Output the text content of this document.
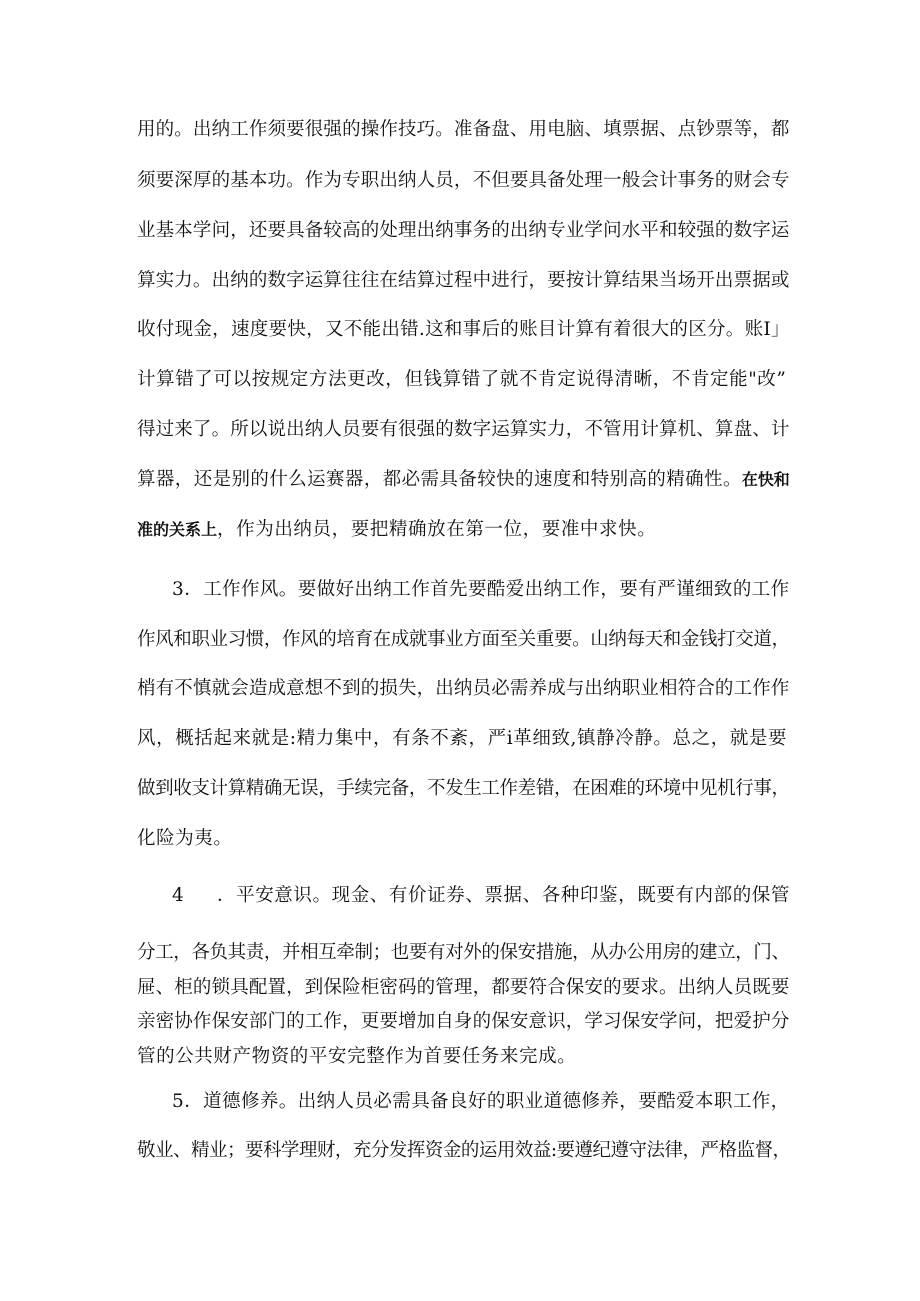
用的。出纳工作须要很强的操作技巧。准备盘、用电脑、填票据、点钞票等，都
须要深厚的基本功。作为专职出纳人员，不但要具备处理一般会计事务的财会专
业基本学问，还要具备较高的处理出纳事务的出纳专业学问水平和较强的数字运
算实力。出纳的数字运算往往在结算过程中进行，要按计算结果当场开出票据或
收付现金，速度要快，又不能出错.这和事后的账目计算有着很大的区分。账I」
计算错了可以按规定方法更改，但钱算错了就不肯定说得清晰，不肯定能"改”
得过来了。所以说出纳人员要有很强的数字运算实力，不管用计算机、算盘、计
算器，还是别的什么运赛器，都必需具备较快的速度和特别高的精确性。在快和
准的关系上，作为出纳员，要把精确放在第一位，要准中求快。
3．工作作风。要做好出纳工作首先要酷爱出纳工作，要有严谨细致的工作
作风和职业习惯，作风的培育在成就事业方面至关重要。山纳每天和金钱打交道，
梢有不慎就会造成意想不到的损失，出纳员必需养成与出纳职业相符合的工作作
风，概括起来就是:精力集中，有条不紊，严i革细致,镇静冷静。总之，就是要
做到收支计算精确无误，手续完备，不发生工作差错，在困难的环境中见机行事，
化险为夷。
4 ．平安意识。现金、有价证券、票据、各种印鉴，既要有内部的保管
分工，各负其责，并相互牵制；也要有对外的保安措施，从办公用房的建立，门、
屉、柜的锁具配置，到保险柜密码的管理，都要符合保安的要求。出纳人员既要
亲密协作保安部门的工作，更要增加自身的保安意识，学习保安学问，把爱护分
管的公共财产物资的平安完整作为首要任务来完成。
5．道德修养。出纳人员必需具备良好的职业道德修养，要酷爱本职工作，
敬业、精业；要科学理财，充分发挥资金的运用效益:要遵纪遵守法律，严格监督，
